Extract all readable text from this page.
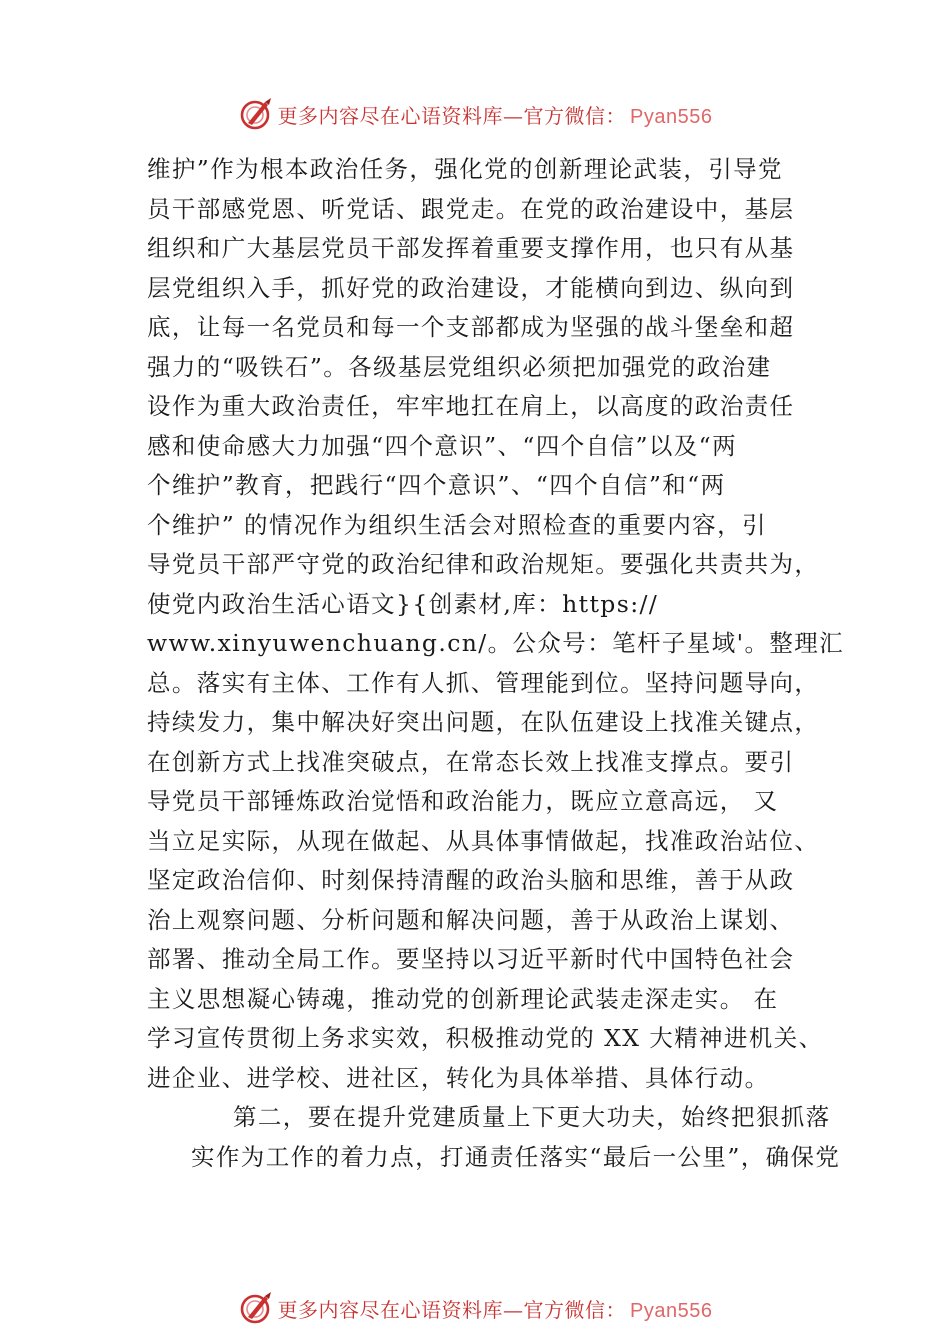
更多内容尽在心语资料库—官方微信： Pyan556
维护”作为根本政治任务，强化党的创新理论武装，引导党
员干部感党恩、听党话、跟党走。在党的政治建设中，基层
组织和广大基层党员干部发挥着重要支撑作用，也只有从基
层党组织入手，抓好党的政治建设，才能横向到边、纵向到
底，让每一名党员和每一个支部都成为坚强的战斗堡垒和超
强力的“吸铁石”。各级基层党组织必须把加强党的政治建
设作为重大政治责任，牢牢地扛在肩上，以高度的政治责任
感和使命感大力加强“四个意识”、“四个自信”以及“两
个维护”教育，把践行“四个意识”、“四个自信”和“两
个维护” 的情况作为组织生活会对照检查的重要内容，引
导党员干部严守党的政治纪律和政治规矩。要强化共责共为，
使党内政治生活心语文}{创素材,库：https://
www.xinyuwenchuang.cn/。公众号：笔杆子星域'。整理汇
总。落实有主体、工作有人抓、管理能到位。坚持问题导向，
持续发力，集中解决好突出问题，在队伍建设上找准关键点，
在创新方式上找准突破点，在常态长效上找准支撑点。要引
导党员干部锤炼政治觉悟和政治能力，既应立意高远， 又
当立足实际，从现在做起、从具体事情做起，找准政治站位、
坚定政治信仰、时刻保持清醒的政治头脑和思维，善于从政
治上观察问题、分析问题和解决问题，善于从政治上谋划、
部署、推动全局工作。要坚持以习近平新时代中国特色社会
主义思想凝心铸魂，推动党的创新理论武装走深走实。 在
学习宣传贯彻上务求实效，积极推动党的 XX 大精神进机关、
进企业、进学校、进社区，转化为具体举措、具体行动。
第二，要在提升党建质量上下更大功夫，始终把狠抓落
实作为工作的着力点，打通责任落实“最后一公里”，确保党
更多内容尽在心语资料库—官方微信： Pyan556
